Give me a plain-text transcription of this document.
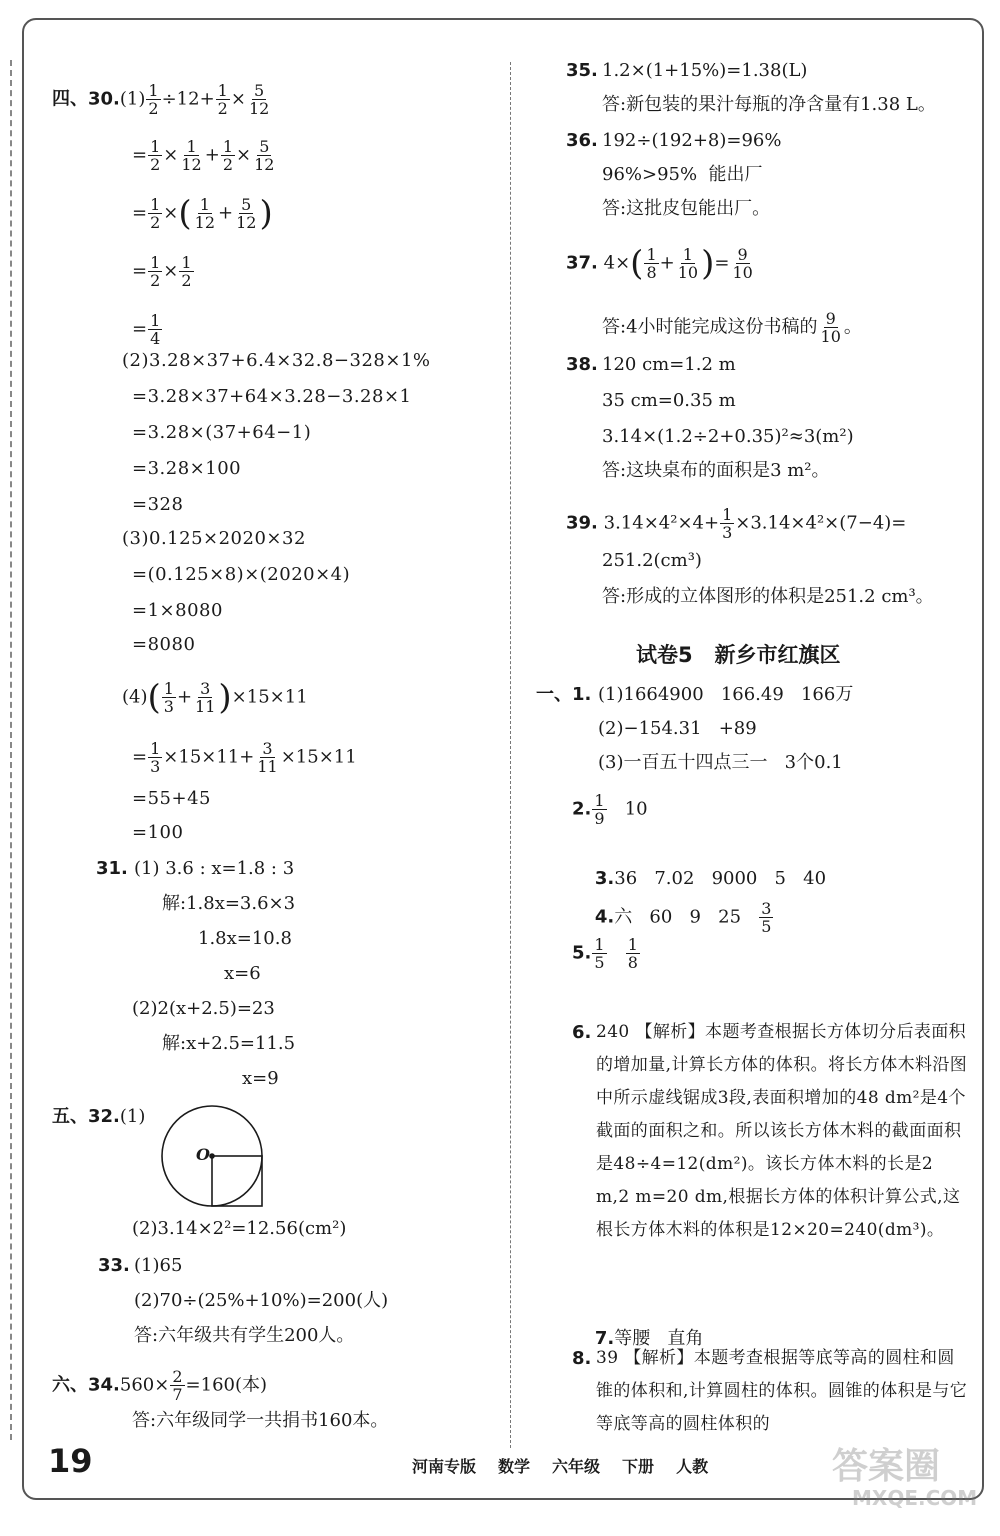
四、$30.(1) \frac{1}{2} \div 12+ \frac{1}{2} \times \frac{5}{12}$
= $\frac{1}{2} \times \frac{1}{12} + \frac{1}{2} \times \frac{5}{12}$
= $\frac{1}{2}$ ×( $\frac{1}{12} + \frac{5}{12}$ )
= $\frac{1}{2} \times \frac{1}{2}$
= $\frac{1}{4}$
(2)3.28×37+6.4×32.8−328×1%
=3.28×37+64×3.28−3.28×1
=3.28×(37+64−1)
=3.28×100
=328
(3)0.125×2020×32
=(0.125×8)×(2020×4)
=1×8080
=8080
$(4)( \frac{1}{3} + \frac{3}{11} )\times 15\times 11$
= $\frac{1}{3} \times 15\times 11+ \frac{3}{11} \times 15\times 11$
=55+45
=100
31. (1) 3.6 : x=1.8 : 3
解:1.8x=3.6×3
1.8x=10.8
x=6
(2)2(x+2.5)=23
解:x+2.5=11.5
x=9
五、32.(1)
O
(2)3.14×2²=12.56(cm²)
33. (1)65
(2)70÷(25%+10%)=200(人)
答:六年级共有学生200人。
六、$34.560\times \frac{2}{7} =160$(本)
答:六年级同学一共捐书160本。
35. 1.2×(1+15%)=1.38(L)
答:新包装的果汁每瓶的净含量有1.38 L。
36. 192÷(192+8)=96%
96%>95%  能出厂
答:这批皮包能出厂。
37. $4\times( \frac{1}{8} + \frac{1}{10}$ )= $\frac{9}{10}$
答:4小时能完成这份书稿的 $\frac{9}{10}$ 。
38. 120 cm=1.2 m
35 cm=0.35 m
3.14×(1.2÷2+0.35)²≈3(m²)
答:这块桌布的面积是3 m²。
39. $3.14\times 4^2\times 4+ \frac{1}{3} \times 3.14\times 4^2\times(7-4)=$
251.2(cm³)
答:形成的立体图形的体积是251.2 cm³。
试卷5   新乡市红旗区
一、1. (1)1664900   166.49   166万
(2)−154.31   +89
(3)一百五十四点三一   3个0.1
2. $\frac{1}{9} 10$

3.36   7.02   9000   5   40

4.六   60   9   $25 \frac{3}{5}$

5. $\frac{1}{5}$
$\frac{1}{8}$
6. 240 【解析】本题考查根据长方体切分后表面积的增加量,计算长方体的体积。将长方体木料沿图中所示虚线锯成3段,表面积增加的48 dm²是4个截面的面积之和。所以该长方体木料的截面面积是48÷4=12(dm²)。该长方体木料的长是2 m,2 m=20 dm,根据长方体的体积计算公式,这根长方体木料的体积是12×20=240(dm³)。

7.等腰   直角

8. 39 【解析】本题考查根据等底等高的圆柱和圆锥的体积和,计算圆柱的体积。圆锥的体积是与它等底等高的圆柱体积的
19	河南专版 数学 六年级 下册 人教	答案圈
MXQE.COM
